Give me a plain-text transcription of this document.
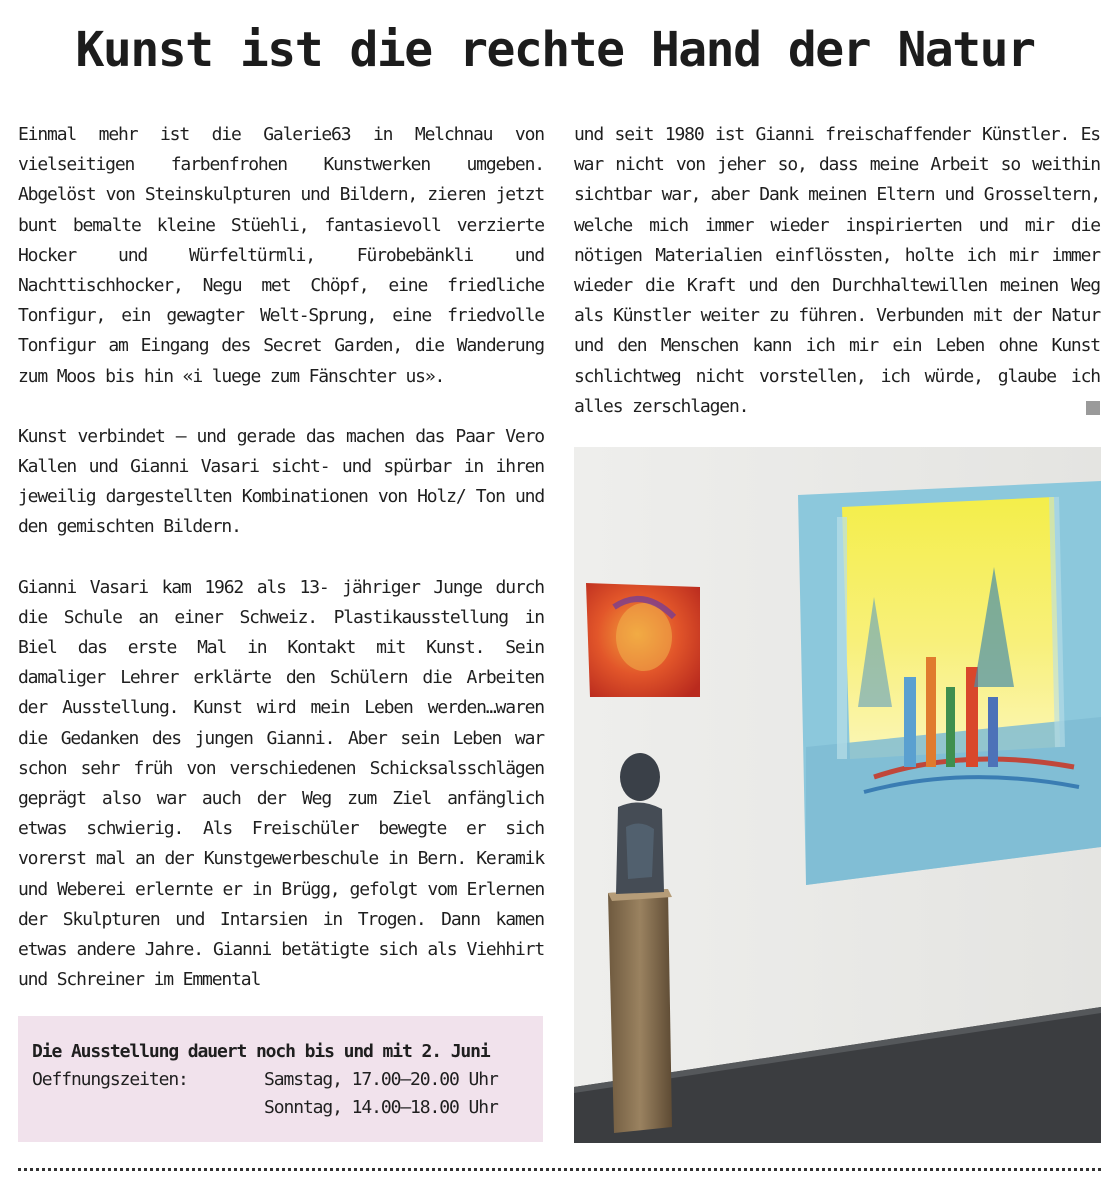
Kunst ist die rechte Hand der Natur

Einmal mehr ist die Galerie63 in Melchnau von vielseitigen farbenfrohen Kunstwerken umgeben. Abgelöst von Steinskulpturen und Bildern, zieren jetzt bunt bemalte kleine Stüehli, fantasievoll verzierte Hocker und Würfeltürmli, Fürobebänkli und Nachttischhocker, Negu met Chöpf, eine friedliche Tonfigur, ein gewagter Welt-Sprung, eine friedvolle Tonfigur am Eingang des Secret Garden, die Wanderung zum Moos bis hin «i luege zum Fänschter us».

Kunst verbindet – und gerade das machen das Paar Vero Kallen und Gianni Vasari sicht- und spürbar in ihren jeweilig dargestellten Kombinationen von Holz/ Ton und den gemischten Bildern.

Gianni Vasari kam 1962 als 13- jähriger Junge durch die Schule an einer Schweiz. Plastikausstellung in Biel das erste Mal in Kontakt mit Kunst. Sein damaliger Lehrer erklärte den Schülern die Arbeiten der Ausstellung. Kunst wird mein Leben werden…waren die Gedanken des jungen Gianni. Aber sein Leben war schon sehr früh von verschiedenen Schicksalsschlägen geprägt also war auch der Weg zum Ziel anfänglich etwas schwierig. Als Freischüler bewegte er sich vorerst mal an der Kunstgewerbeschule in Bern. Keramik und Weberei erlernte er in Brügg, gefolgt vom Erlernen der Skulpturen und Intarsien in Trogen. Dann kamen etwas andere Jahre. Gianni betätigte sich als Viehhirt und Schreiner im Emmental

Die Ausstellung dauert noch bis und mit 2. Juni
Oeffnungszeiten:	Samstag, 17.00–20.00 Uhr
Sonntag, 14.00–18.00 Uhr

und seit 1980 ist Gianni freischaffender Künstler. Es war nicht von jeher so, dass meine Arbeit so weithin sichtbar war, aber Dank meinen Eltern und Grosseltern, welche mich immer wieder inspirierten und mir die nötigen Materialien einflössten, holte ich mir immer wieder die Kraft und den Durchhaltewillen meinen Weg als Künstler weiter zu führen. Verbunden mit der Natur und den Menschen kann ich mir ein Leben ohne Kunst schlichtweg nicht vorstellen, ich würde, glaube ich alles zerschlagen.
